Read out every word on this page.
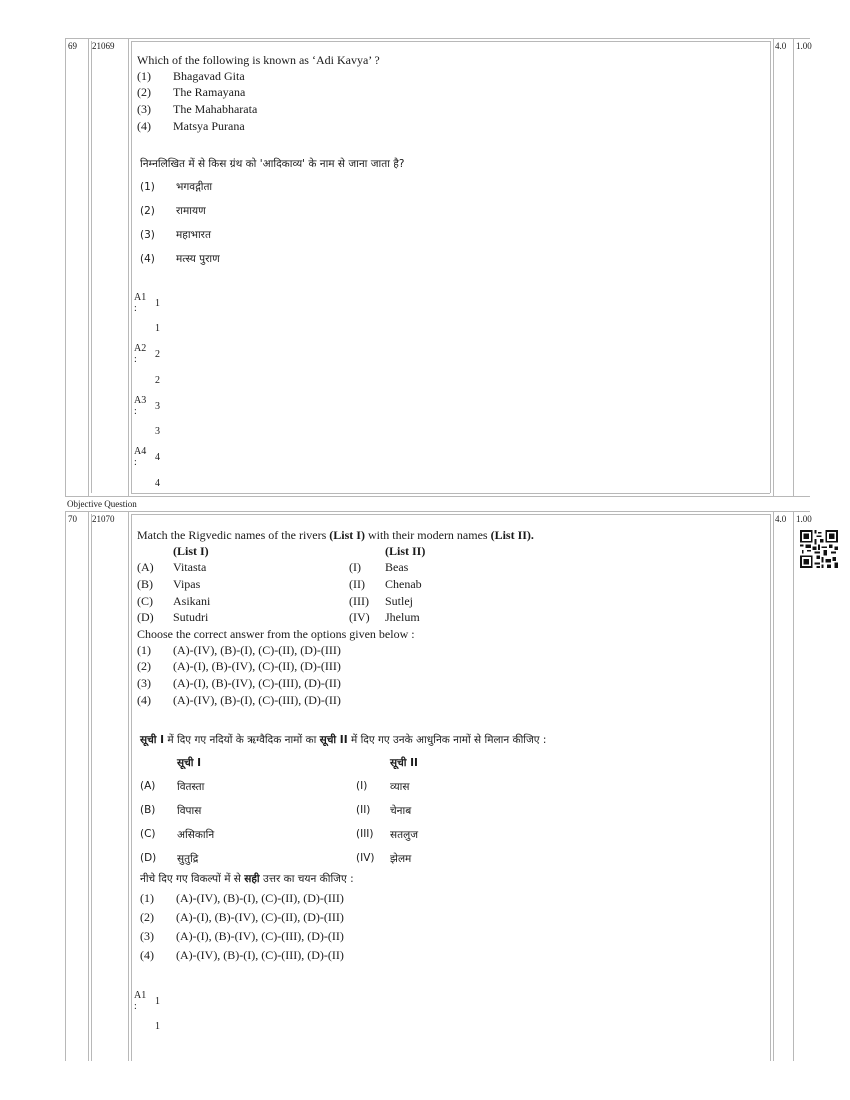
69 21069	4.0 1.00
Which of the following is known as ‘Adi Kavya’ ?
(1) Bhagavad Gita
(2) The Ramayana
(3) The Mahabharata
(4) Matsya Purana
निम्नलिखित में से किस ग्रंथ को 'आदिकाव्य' के नाम से जाना जाता है?
(1) भगवद्गीता
(2) रामायण
(3) महाभारत
(4) मत्स्य पुराण
A1
: 1
1
A2
: 2
2
A3
: 3
3
A4
: 4
4
Objective Question
70 21070	4.0 1.00
Match the Rigvedic names of the rivers (List I) with their modern names (List II).
(List I)	(List II)
(A) Vitasta	(I) Beas
(B) Vipas	(II) Chenab
(C) Asikani	(III) Sutlej
(D) Sutudri	(IV) Jhelum
Choose the correct answer from the options given below :
(1) (A)-(IV), (B)-(I), (C)-(II), (D)-(III)
(2) (A)-(I), (B)-(IV), (C)-(II), (D)-(III)
(3) (A)-(I), (B)-(IV), (C)-(III), (D)-(II)
(4) (A)-(IV), (B)-(I), (C)-(III), (D)-(II)
सूची I में दिए गए नदियों के ऋग्वैदिक नामों का सूची II में दिए गए उनके आधुनिक नामों से मिलान कीजिए :
सूची I	सूची II
(A) वितस्ता	(I) व्यास
(B) विपास	(II) चेनाब
(C) असिकानि	(III) सतलुज
(D) सुतुद्रि	(IV) झेलम
नीचे दिए गए विकल्पों में से सही उत्तर का चयन कीजिए :
(1) (A)-(IV), (B)-(I), (C)-(II), (D)-(III)
(2) (A)-(I), (B)-(IV), (C)-(II), (D)-(III)
(3) (A)-(I), (B)-(IV), (C)-(III), (D)-(II)
(4) (A)-(IV), (B)-(I), (C)-(III), (D)-(II)
A1
: 1
1
